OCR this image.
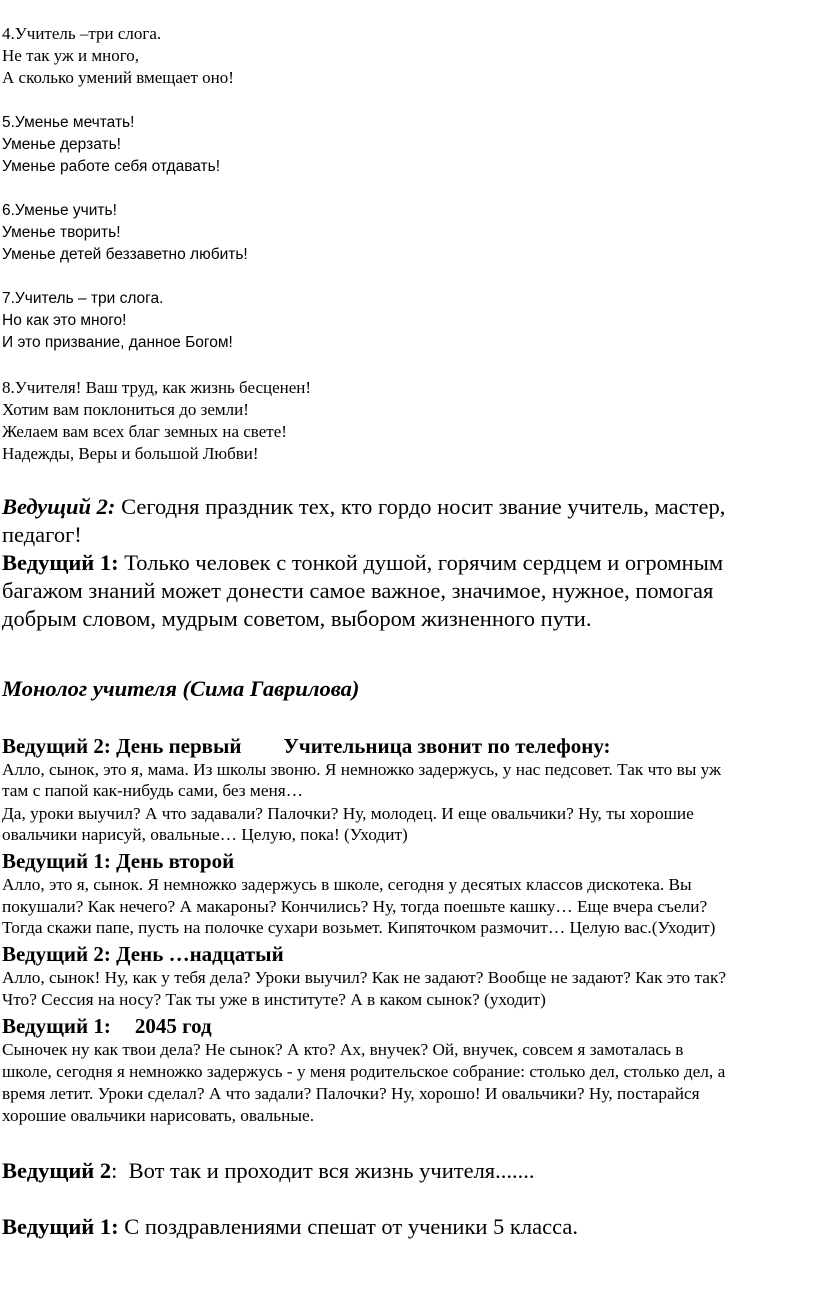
4.Учитель –три слога.
Не так уж и много,
А сколько умений вмещает оно!
5.Уменье мечтать!
Уменье дерзать!
Уменье работе себя отдавать!
6.Уменье учить!
Уменье творить!
Уменье детей беззаветно любить!
7.Учитель – три слога.
Но как это много!
И это призвание, данное Богом!
8.Учителя! Ваш труд, как жизнь бесценен!
Хотим вам поклониться до земли!
Желаем вам всех благ земных на свете!
Надежды, Веры и большой Любви!
Ведущий 2: Сегодня праздник тех, кто гордо носит звание учитель, мастер,
педагог!
Ведущий 1: Только человек с тонкой душой, горячим сердцем и огромным
багажом знаний может донести самое важное, значимое, нужное, помогая
добрым словом, мудрым советом, выбором жизненного пути.
Монолог учителя (Сима Гаврилова)
Ведущий 2: День первый Учительница звонит по телефону:
Алло, сынок, это я, мама. Из школы звоню. Я немножко задержусь, у нас педсовет. Так что вы уж
там с папой как-нибудь сами, без меня…
Да, уроки выучил? А что задавали? Палочки? Ну, молодец. И еще овальчики? Ну, ты хорошие
овальчики нарисуй, овальные… Целую, пока! (Уходит)
Ведущий 1: День второй
Алло, это я, сынок. Я немножко задержусь в школе, сегодня у десятых классов дискотека. Вы
покушали? Как нечего? А макароны? Кончились? Ну, тогда поешьте кашку… Еще вчера съели?
Тогда скажи папе, пусть на полочке сухари возьмет. Кипяточком размочит… Целую вас.(Уходит)
Ведущий 2: День …надцатый
Алло, сынок! Ну, как у тебя дела? Уроки выучил? Как не задают? Вообще не задают? Как это так?
Что? Сессия на носу? Так ты уже в институте? А в каком сынок? (уходит)
Ведущий 1: 2045 год
Сыночек ну как твои дела? Не сынок? А кто? Ах, внучек? Ой, внучек, совсем я замоталась в
школе, сегодня я немножко задержусь - у меня родительское собрание: столько дел, столько дел, а
время летит. Уроки сделал? А что задали? Палочки? Ну, хорошо! И овальчики? Ну, постарайся
хорошие овальчики нарисовать, овальные.
Ведущий 2:  Вот так и проходит вся жизнь учителя.......
Ведущий 1: С поздравлениями спешат от ученики 5 класса.
